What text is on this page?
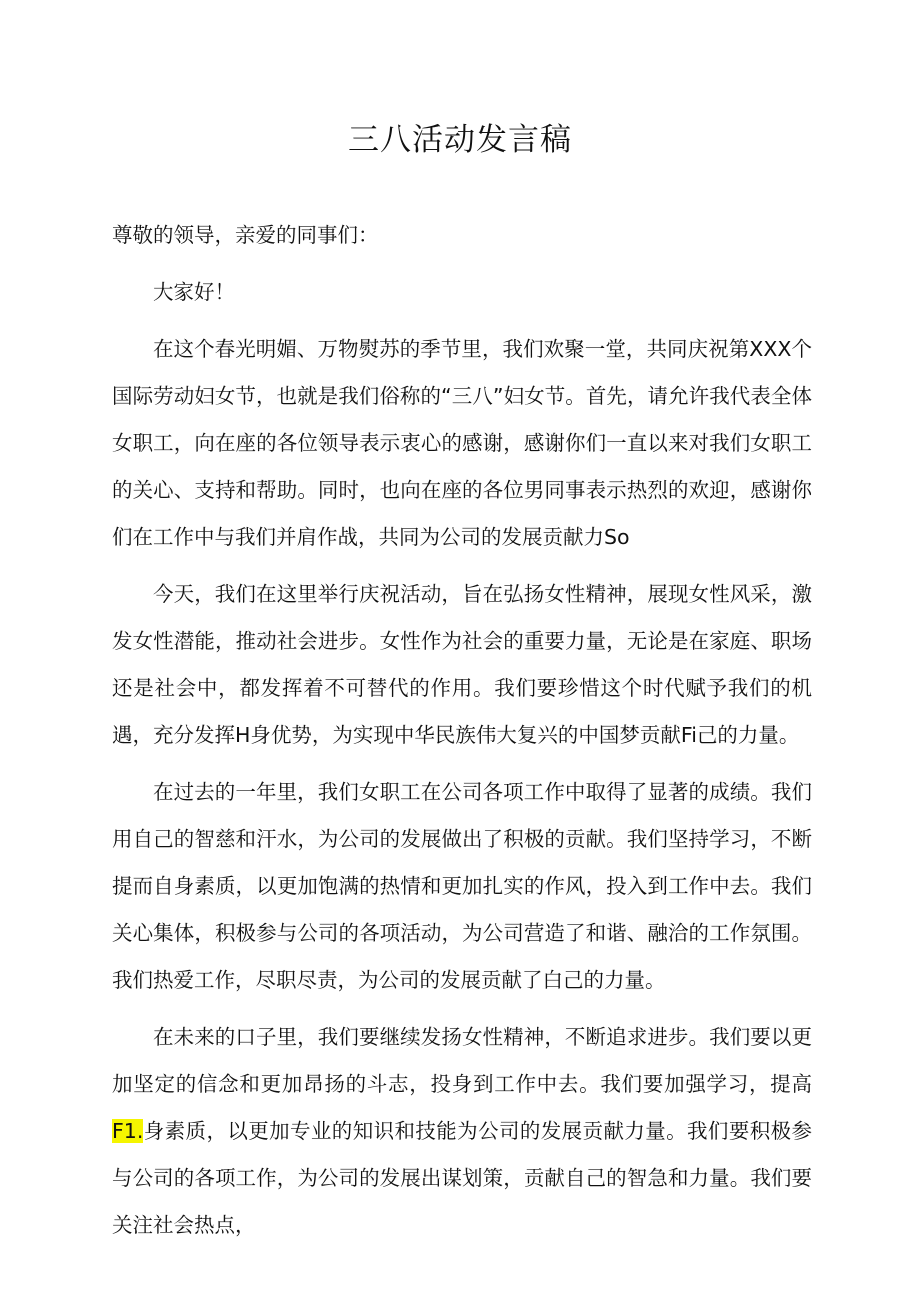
三八活动发言稿

尊敬的领导，亲爱的同事们：

大家好！

在这个春光明媚、万物熨苏的季节里，我们欢聚一堂，共同庆祝第XXX个国际劳动妇女节，也就是我们俗称的“三八”妇女节。首先，请允许我代表全体女职工，向在座的各位领导表示衷心的感谢，感谢你们一直以来对我们女职工的关心、支持和帮助。同时，也向在座的各位男同事表示热烈的欢迎，感谢你们在工作中与我们并肩作战，共同为公司的发展贡献力So

今天，我们在这里举行庆祝活动，旨在弘扬女性精神，展现女性风采，激发女性潜能，推动社会进步。女性作为社会的重要力量，无论是在家庭、职场还是社会中，都发挥着不可替代的作用。我们要珍惜这个时代赋予我们的机遇，充分发挥H身优势，为实现中华民族伟大复兴的中国梦贡献Fi己的力量。

在过去的一年里，我们女职工在公司各项工作中取得了显著的成绩。我们用自己的智慈和汗水，为公司的发展做出了积极的贡献。我们坚持学习，不断提而自身素质，以更加饱满的热情和更加扎实的作风，投入到工作中去。我们关心集体，积极参与公司的各项活动，为公司营造了和谐、融洽的工作氛围。我们热爱工作，尽职尽责，为公司的发展贡献了白己的力量。

在未来的口子里，我们要继续发扬女性精神，不断追求进步。我们要以更加坚定的信念和更加昂扬的斗志，投身到工作中去。我们要加强学习，提高F1.身素质，以更加专业的知识和技能为公司的发展贡献力量。我们要积极参与公司的各项工作，为公司的发展出谋划策，贡献自己的智急和力量。我们要关注社会热点，
